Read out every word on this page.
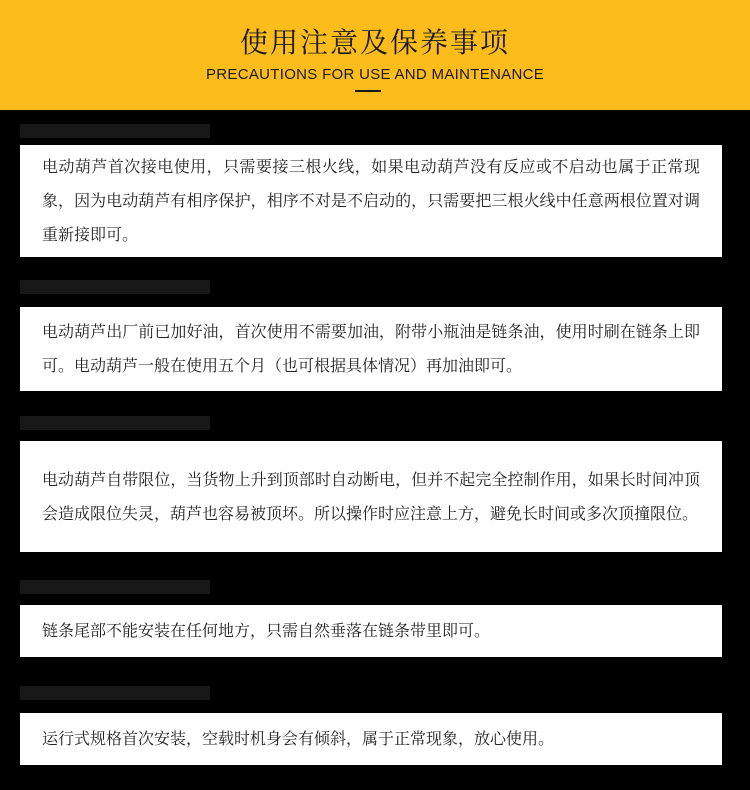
使用注意及保养事项
PRECAUTIONS FOR USE AND MAINTENANCE

电动葫芦首次接电使用，只需要接三根火线，如果电动葫芦没有反应或不启动也属于正常现象，因为电动葫芦有相序保护，相序不对是不启动的，只需要把三根火线中任意两根位置对调重新接即可。

电动葫芦出厂前已加好油，首次使用不需要加油，附带小瓶油是链条油，使用时刷在链条上即可。电动葫芦一般在使用五个月（也可根据具体情况）再加油即可。

电动葫芦自带限位，当货物上升到顶部时自动断电，但并不起完全控制作用，如果长时间冲顶会造成限位失灵，葫芦也容易被顶坏。所以操作时应注意上方，避免长时间或多次顶撞限位。

链条尾部不能安装在任何地方，只需自然垂落在链条带里即可。

运行式规格首次安装，空载时机身会有倾斜，属于正常现象，放心使用。
